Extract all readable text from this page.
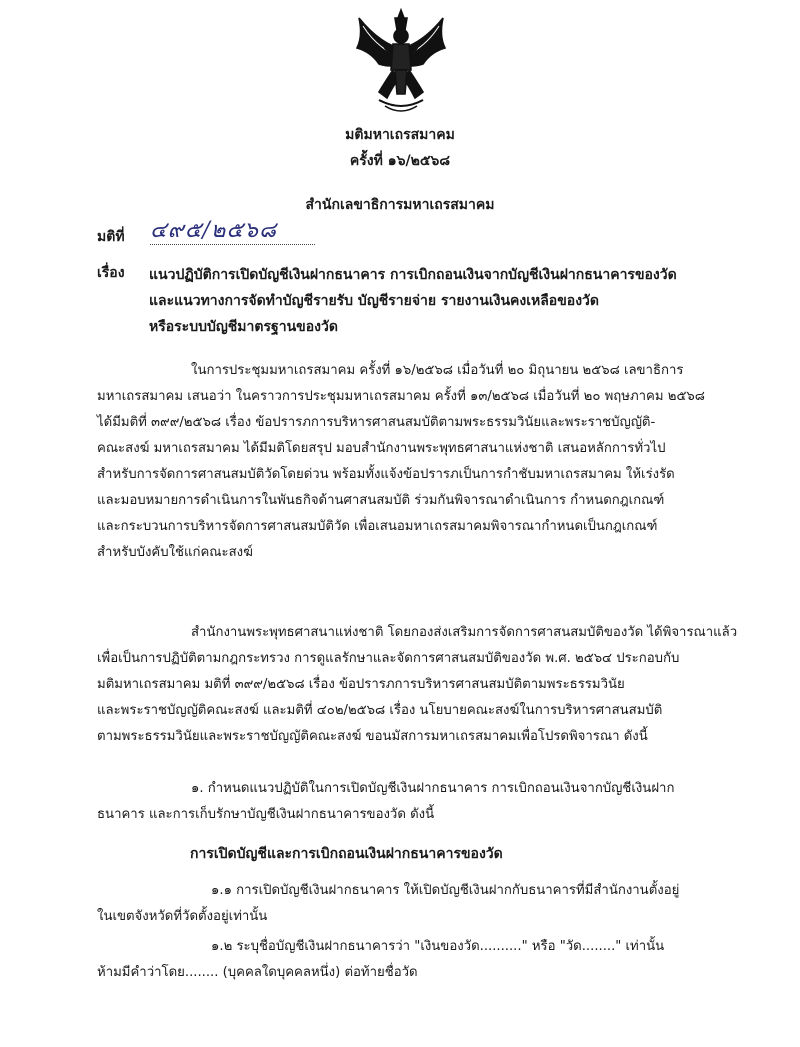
มติมหาเถรสมาคม
ครั้งที่ ๑๖/๒๕๖๘
สำนักเลขาธิการมหาเถรสมาคม
มติที่ ๔๙๕/๒๕๖๘
เรื่อง แนวปฏิบัติการเปิดบัญชีเงินฝากธนาคาร การเบิกถอนเงินจากบัญชีเงินฝากธนาคารของวัด
และแนวทางการจัดทำบัญชีรายรับ บัญชีรายจ่าย รายงานเงินคงเหลือของวัด
หรือระบบบัญชีมาตรฐานของวัด
ในการประชุมมหาเถรสมาคม ครั้งที่ ๑๖/๒๕๖๘ เมื่อวันที่ ๒๐ มิถุนายน ๒๕๖๘ เลขาธิการ
มหาเถรสมาคม เสนอว่า ในคราวการประชุมมหาเถรสมาคม ครั้งที่ ๑๓/๒๕๖๘ เมื่อวันที่ ๒๐ พฤษภาคม ๒๕๖๘
ได้มีมติที่ ๓๙๙/๒๕๖๘ เรื่อง ข้อปรารภการบริหารศาสนสมบัติตามพระธรรมวินัยและพระราชบัญญัติ-
คณะสงฆ์ มหาเถรสมาคม ได้มีมติโดยสรุป มอบสำนักงานพระพุทธศาสนาแห่งชาติ เสนอหลักการทั่วไป
สำหรับการจัดการศาสนสมบัติวัดโดยด่วน พร้อมทั้งแจ้งข้อปรารภเป็นการกำชับมหาเถรสมาคม ให้เร่งรัด
และมอบหมายการดำเนินการในพันธกิจด้านศาสนสมบัติ ร่วมกันพิจารณาดำเนินการ กำหนดกฎเกณฑ์
และกระบวนการบริหารจัดการศาสนสมบัติวัด เพื่อเสนอมหาเถรสมาคมพิจารณากำหนดเป็นกฎเกณฑ์
สำหรับบังคับใช้แก่คณะสงฆ์
สำนักงานพระพุทธศาสนาแห่งชาติ โดยกองส่งเสริมการจัดการศาสนสมบัติของวัด ได้พิจารณาแล้ว
เพื่อเป็นการปฏิบัติตามกฎกระทรวง การดูแลรักษาและจัดการศาสนสมบัติของวัด พ.ศ. ๒๕๖๔ ประกอบกับ
มติมหาเถรสมาคม มติที่ ๓๙๙/๒๕๖๘ เรื่อง ข้อปรารภการบริหารศาสนสมบัติตามพระธรรมวินัย
และพระราชบัญญัติคณะสงฆ์ และมติที่ ๔๐๒/๒๕๖๘ เรื่อง นโยบายคณะสงฆ์ในการบริหารศาสนสมบัติ
ตามพระธรรมวินัยและพระราชบัญญัติคณะสงฆ์ ขอนมัสการมหาเถรสมาคมเพื่อโปรดพิจารณา ดังนี้
๑. กำหนดแนวปฏิบัติในการเปิดบัญชีเงินฝากธนาคาร การเบิกถอนเงินจากบัญชีเงินฝาก
ธนาคาร และการเก็บรักษาบัญชีเงินฝากธนาคารของวัด ดังนี้
การเปิดบัญชีและการเบิกถอนเงินฝากธนาคารของวัด
๑.๑ การเปิดบัญชีเงินฝากธนาคาร ให้เปิดบัญชีเงินฝากกับธนาคารที่มีสำนักงานตั้งอยู่
ในเขตจังหวัดที่วัดตั้งอยู่เท่านั้น
๑.๒ ระบุชื่อบัญชีเงินฝากธนาคารว่า "เงินของวัด.........." หรือ "วัด........" เท่านั้น
ห้ามมีคำว่าโดย........ (บุคคลใดบุคคลหนึ่ง) ต่อท้ายชื่อวัด
